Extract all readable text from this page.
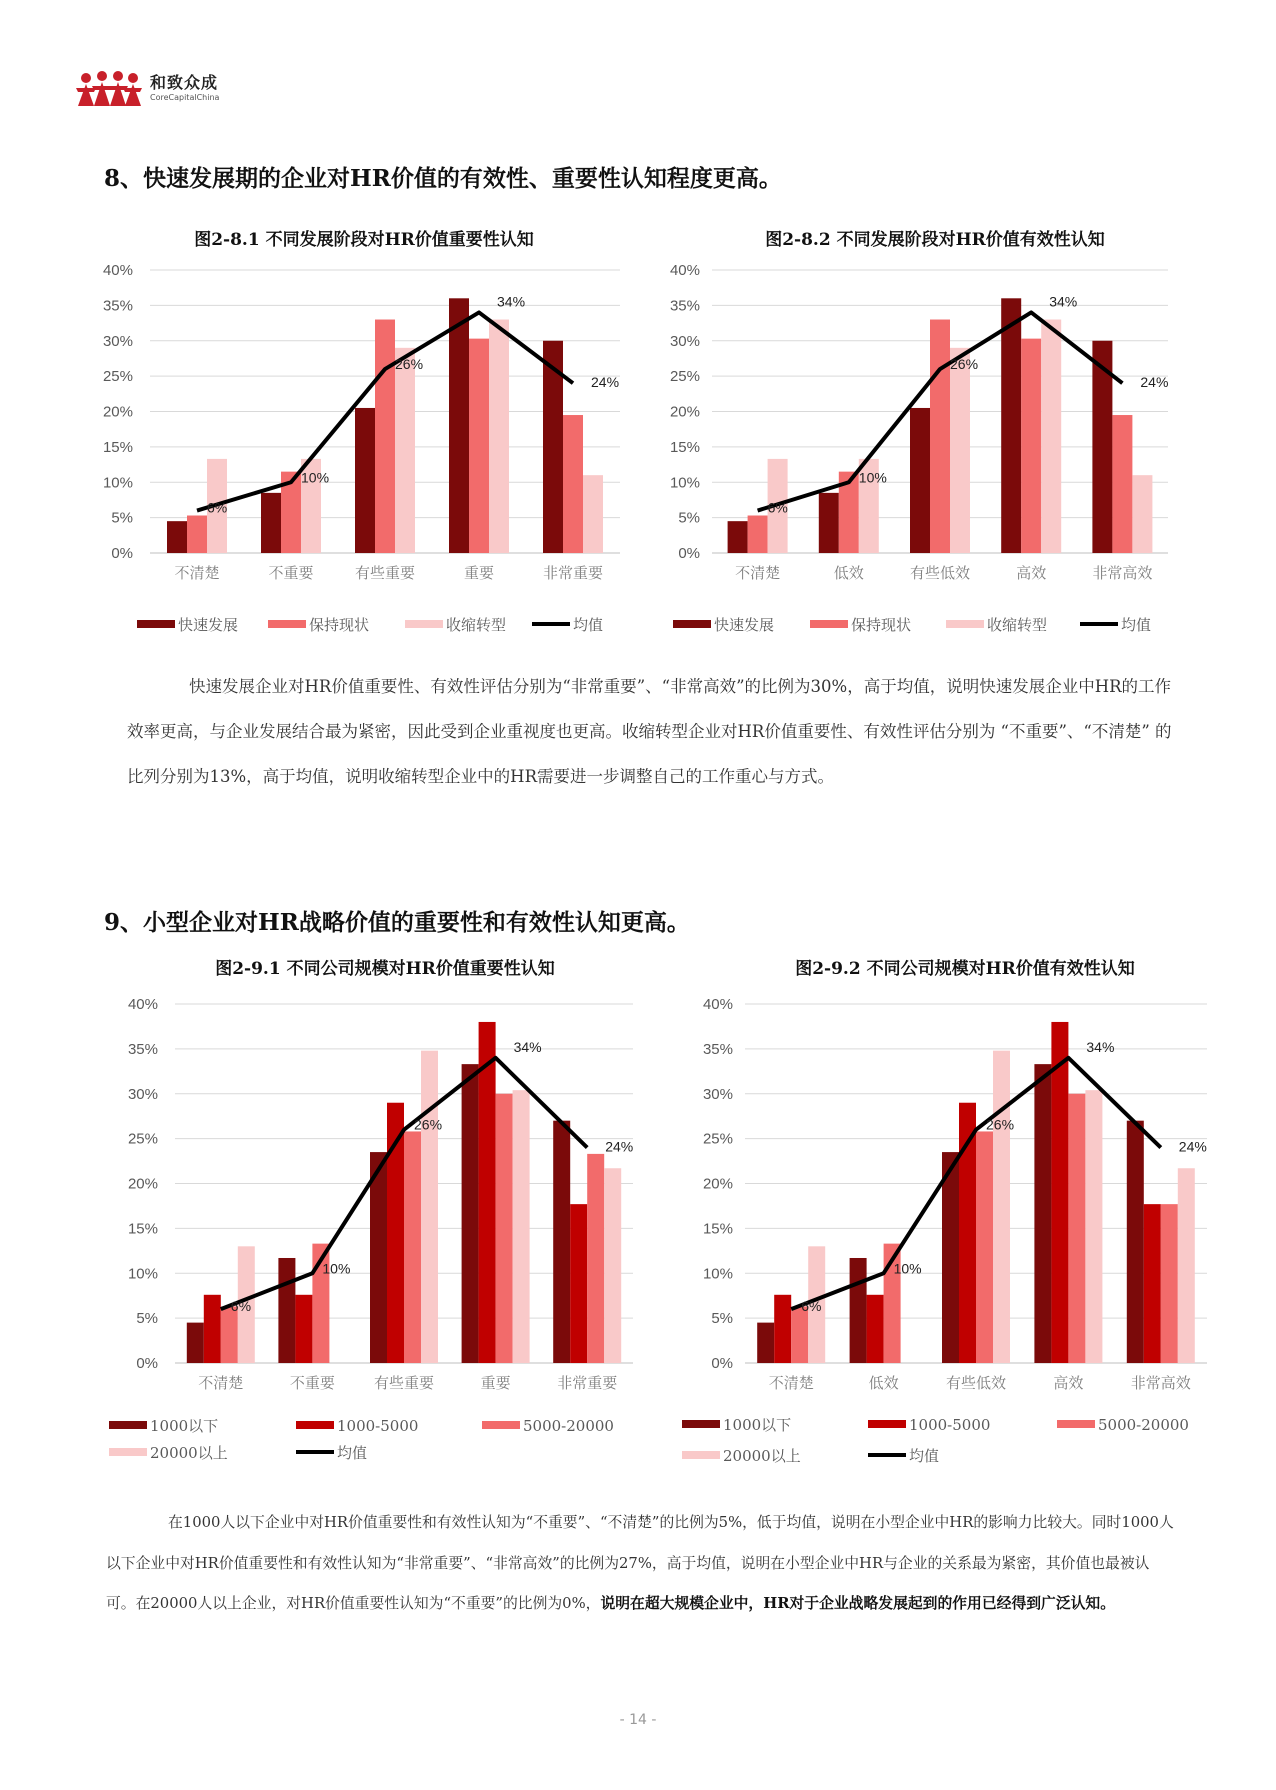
和致众成
CoreCapitalChina
8、快速发展期的企业对HR价值的有效性、重要性认知程度更高。
图2-8.1 不同发展阶段对HR价值重要性认知
0%
5%
10%
15%
20%
25%
30%
35%
40%
不清楚	不重要	有些重要	重要	非常重要
6%
10%
26%
34%
24%
快速发展	保持现状	收缩转型	均值
图2-8.2 不同发展阶段对HR价值有效性认知
0%
5%
10%
15%
20%
25%
30%
35%
40%
不清楚	低效	有些低效	高效	非常高效
6%
10%
26%
34%
24%
快速发展	保持现状	收缩转型	均值
快速发展企业对HR价值重要性、有效性评估分别为“非常重要”、“非常高效”的比例为30%，高于均值，说明快速发展企业中HR的工作效率更高，与企业发展结合最为紧密，因此受到企业重视度也更高。收缩转型企业对HR价值重要性、有效性评估分别为 “不重要”、“不清楚” 的比列分别为13%，高于均值，说明收缩转型企业中的HR需要进一步调整自己的工作重心与方式。
9、小型企业对HR战略价值的重要性和有效性认知更高。
图2-9.1 不同公司规模对HR价值重要性认知
0%
5%
10%
15%
20%
25%
30%
35%
40%
不清楚	不重要	有些重要	重要	非常重要
6%
10%
26%
34%
24%
1000以下	1000-5000	5000-20000
20000以上	均值
图2-9.2 不同公司规模对HR价值有效性认知
0%
5%
10%
15%
20%
25%
30%
35%
40%
不清楚	低效	有些低效	高效	非常高效
6%
10%
26%
34%
24%
1000以下	1000-5000	5000-20000
20000以上	均值
在1000人以下企业中对HR价值重要性和有效性认知为“不重要”、“不清楚”的比例为5%，低于均值，说明在小型企业中HR的影响力比较大。同时1000人以下企业中对HR价值重要性和有效性认知为“非常重要”、“非常高效”的比例为27%，高于均值，说明在小型企业中HR与企业的关系最为紧密，其价值也最被认可。在20000人以上企业，对HR价值重要性认知为“不重要”的比例为0%，说明在超大规模企业中，HR对于企业战略发展起到的作用已经得到广泛认知。
- 14 -
